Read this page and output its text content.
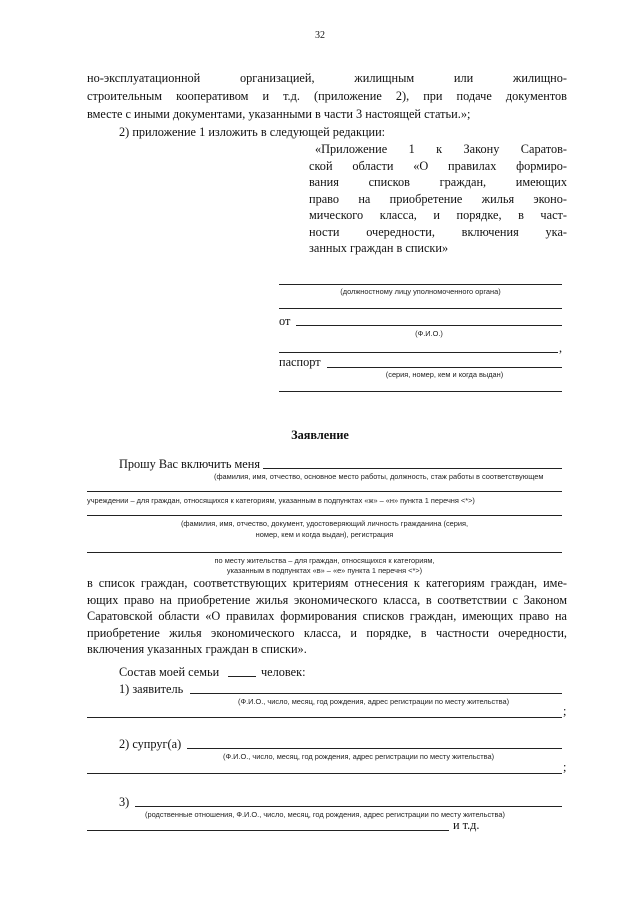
32
но-эксплуатационной организацией, жилищным или жилищно-
строительным кооперативом и т.д. (приложение 2), при подаче документов
вместе с иными документами, указанными в части 3 настоящей статьи.»;
2) приложение 1 изложить в следующей редакции:
«Приложение 1 к Закону Саратов-
ской области «О правилах формиро-
вания списков граждан, имеющих
право на приобретение жилья эконо-
мического класса, и порядке, в част-
ности очередности, включения ука-
занных граждан в списки»
(должностному лицу уполномоченного органа)
от
(Ф.И.О.)
,
паспорт
(серия, номер, кем и когда выдан)
Заявление
Прошу Вас включить меня
(фамилия, имя, отчество, основное место работы, должность, стаж работы в соответствующем
учреждении – для граждан, относящихся к категориям, указанным в подпунктах «ж» – «н» пункта 1 перечня <*>)
(фамилия, имя, отчество, документ, удостоверяющий личность гражданина (серия,
номер, кем и когда выдан), регистрация
по месту жительства – для граждан, относящихся к категориям,
указанным в подпунктах «в» – «е» пункта 1 перечня <*>)
в список граждан, соответствующих критериям отнесения к категориям граждан, име-
ющих право на приобретение жилья экономического класса, в соответствии с Законом
Саратовской области «О правилах формирования списков граждан, имеющих право на
приобретение жилья экономического класса, и порядке, в частности очередности,
включения указанных граждан в списки».
Состав моей семьи	человек:
1) заявитель
(Ф.И.О., число, месяц, год рождения, адрес регистрации по месту жительства)
;
2) супруг(а)
(Ф.И.О., число, месяц, год рождения, адрес регистрации по месту жительства)
;
3)
(родственные отношения, Ф.И.О., число, месяц, год рождения, адрес регистрации по месту жительства)
и т.д.
